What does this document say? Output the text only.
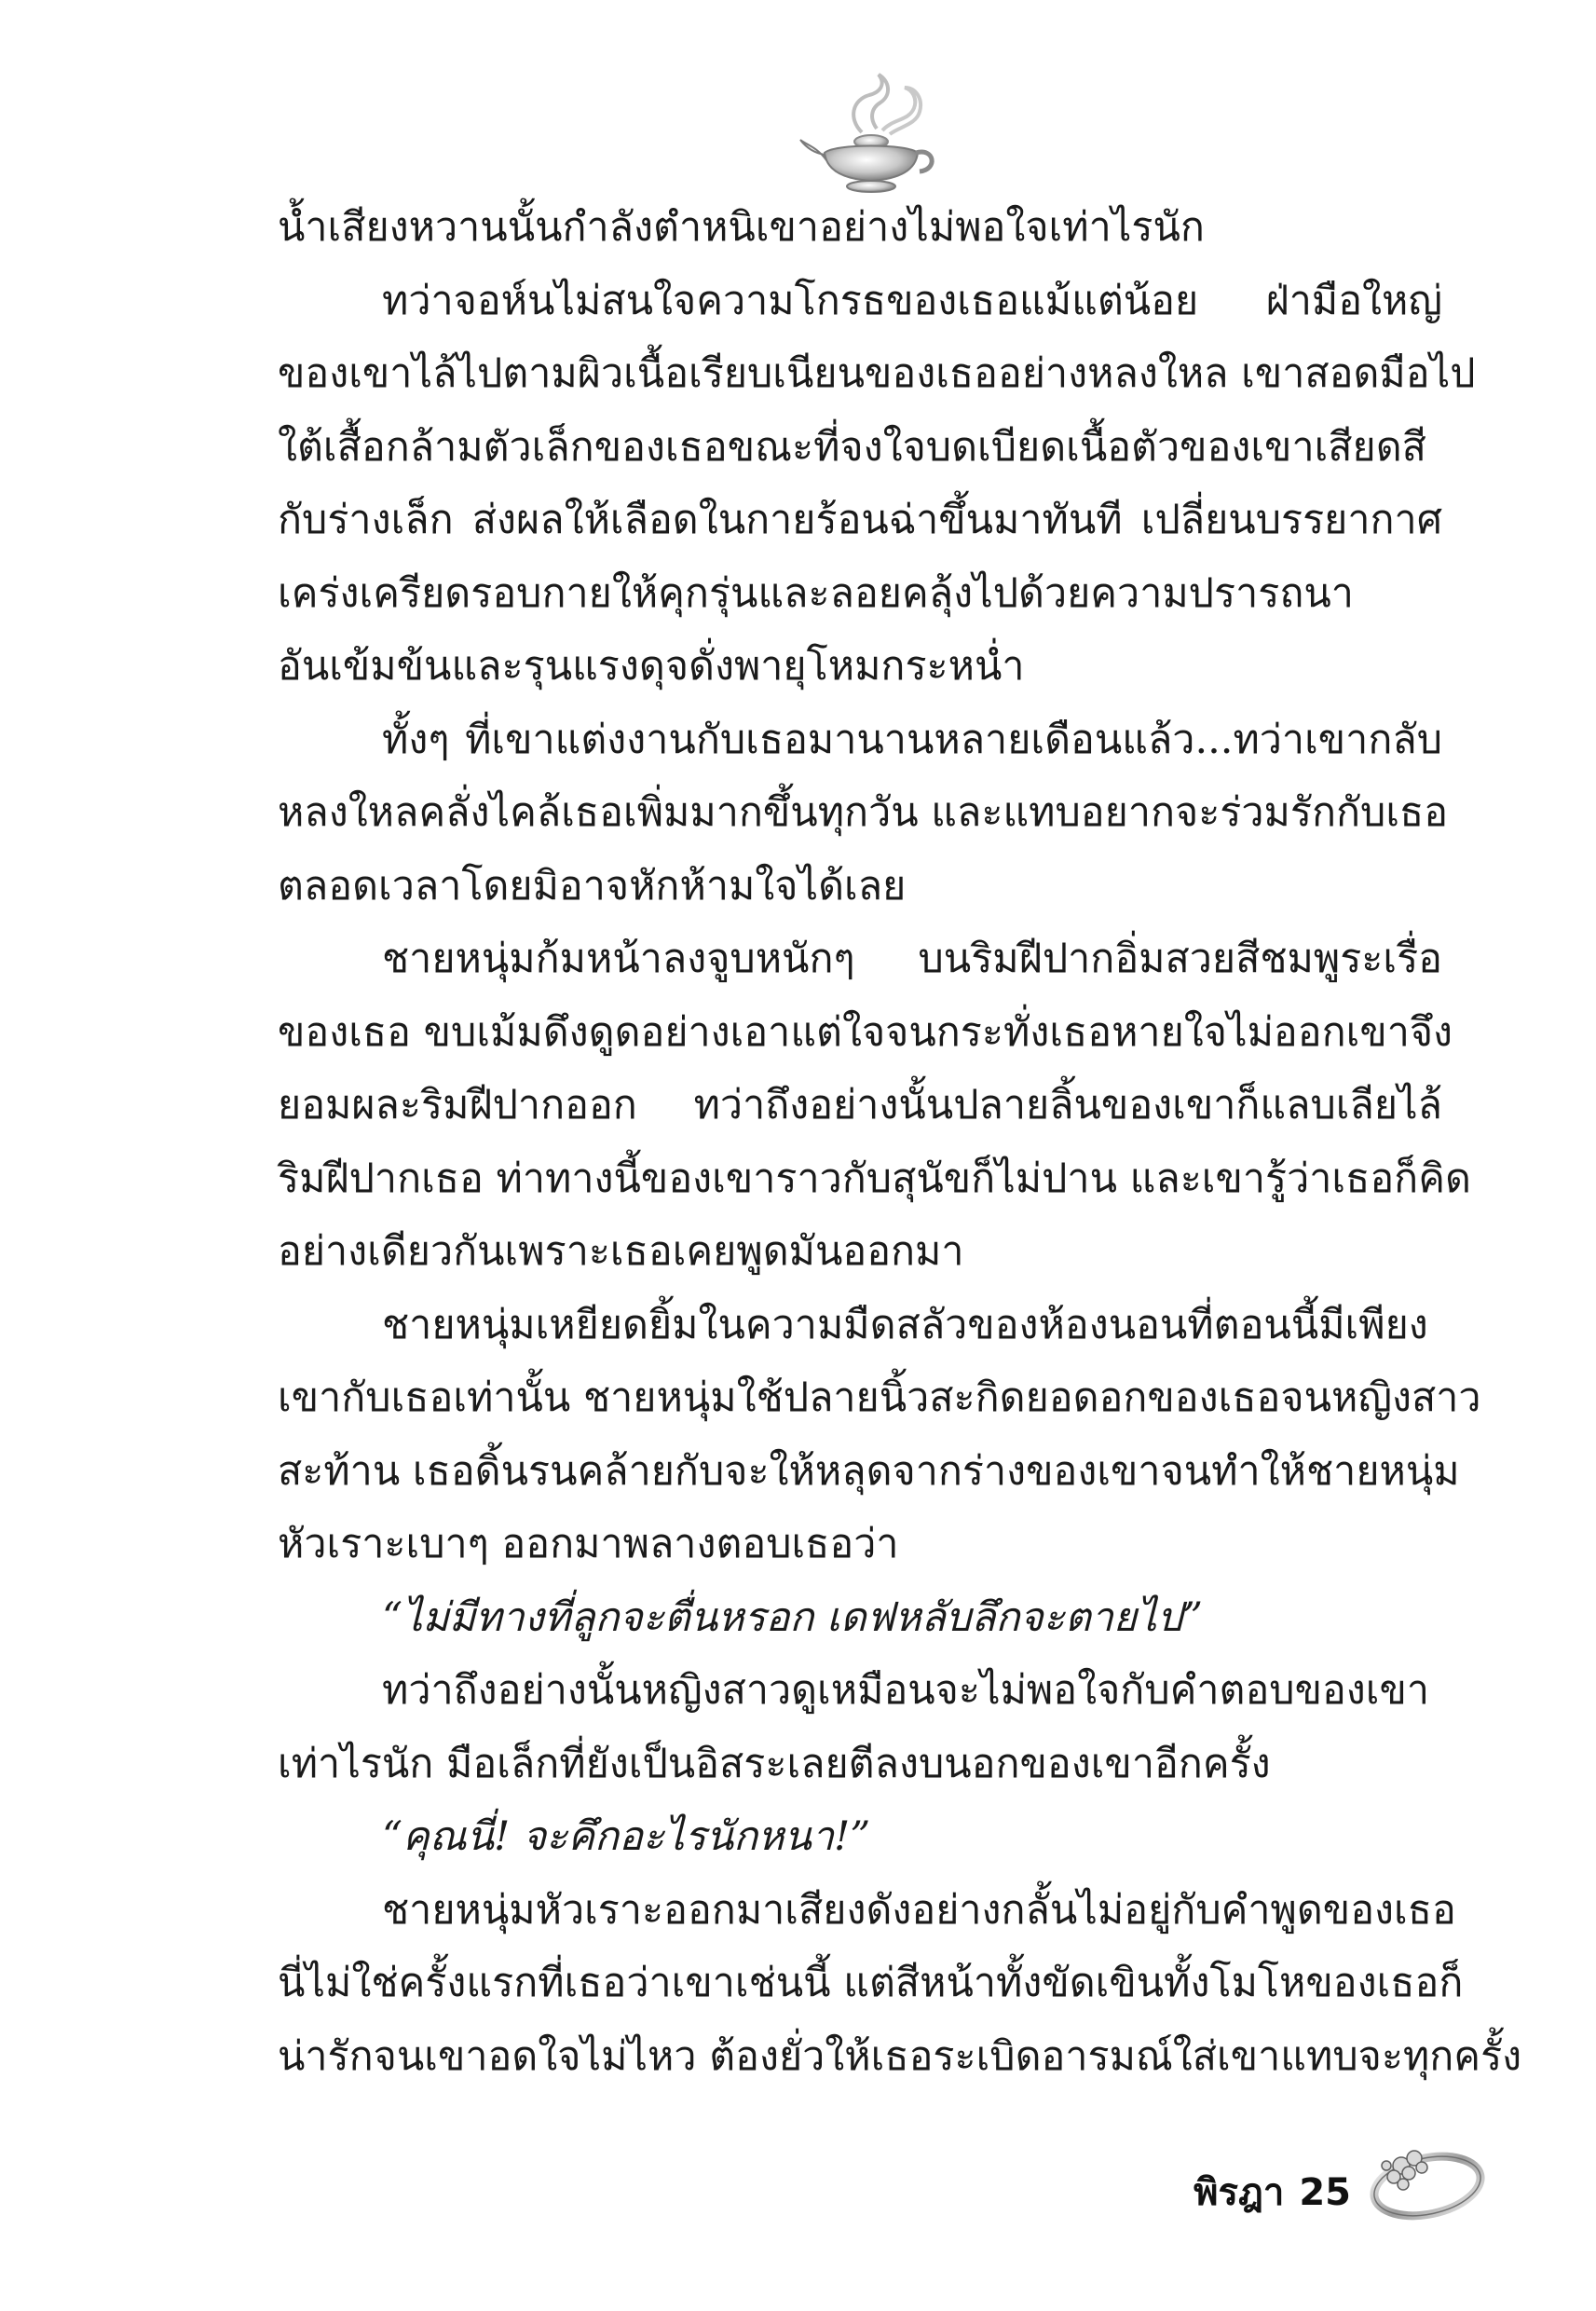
น้ำเสียงหวานนั้นกำลังตำหนิเขาอย่างไม่พอใจเท่าไรนัก
ทว่าจอห์นไม่สนใจความโกรธของเธอแม้แต่น้อย ฝ่ามือใหญ่
ของเขาไล้ไปตามผิวเนื้อเรียบเนียนของเธออย่างหลงใหล เขาสอดมือไป
ใต้เสื้อกล้ามตัวเล็กของเธอขณะที่จงใจบดเบียดเนื้อตัวของเขาเสียดสี
กับร่างเล็ก ส่งผลให้เลือดในกายร้อนฉ่าขึ้นมาทันที เปลี่ยนบรรยากาศ
เคร่งเครียดรอบกายให้คุกรุ่นและลอยคลุ้งไปด้วยความปรารถนา
อันเข้มข้นและรุนแรงดุจดั่งพายุโหมกระหน่ำ
ทั้งๆ ที่เขาแต่งงานกับเธอมานานหลายเดือนแล้ว...ทว่าเขากลับ
หลงใหลคลั่งไคล้เธอเพิ่มมากขึ้นทุกวัน และแทบอยากจะร่วมรักกับเธอ
ตลอดเวลาโดยมิอาจหักห้ามใจได้เลย
ชายหนุ่มก้มหน้าลงจูบหนักๆ บนริมฝีปากอิ่มสวยสีชมพูระเรื่อ
ของเธอ ขบเม้มดึงดูดอย่างเอาแต่ใจจนกระทั่งเธอหายใจไม่ออกเขาจึง
ยอมผละริมฝีปากออก ทว่าถึงอย่างนั้นปลายลิ้นของเขาก็แลบเลียไล้
ริมฝีปากเธอ ท่าทางนี้ของเขาราวกับสุนัขก็ไม่ปาน และเขารู้ว่าเธอก็คิด
อย่างเดียวกันเพราะเธอเคยพูดมันออกมา
ชายหนุ่มเหยียดยิ้มในความมืดสลัวของห้องนอนที่ตอนนี้มีเพียง
เขากับเธอเท่านั้น ชายหนุ่มใช้ปลายนิ้วสะกิดยอดอกของเธอจนหญิงสาว
สะท้าน เธอดิ้นรนคล้ายกับจะให้หลุดจากร่างของเขาจนทำให้ชายหนุ่ม
หัวเราะเบาๆ ออกมาพลางตอบเธอว่า
“ไม่มีทางที่ลูกจะตื่นหรอก เดฟหลับลึกจะตายไป”
ทว่าถึงอย่างนั้นหญิงสาวดูเหมือนจะไม่พอใจกับคำตอบของเขา
เท่าไรนัก มือเล็กที่ยังเป็นอิสระเลยตีลงบนอกของเขาอีกครั้ง
“คุณนี่! จะคึกอะไรนักหนา!”
ชายหนุ่มหัวเราะออกมาเสียงดังอย่างกลั้นไม่อยู่กับคำพูดของเธอ
นี่ไม่ใช่ครั้งแรกที่เธอว่าเขาเช่นนี้ แต่สีหน้าทั้งขัดเขินทั้งโมโหของเธอก็
น่ารักจนเขาอดใจไม่ไหว ต้องยั่วให้เธอระเบิดอารมณ์ใส่เขาแทบจะทุกครั้ง
พิรฎา 25
